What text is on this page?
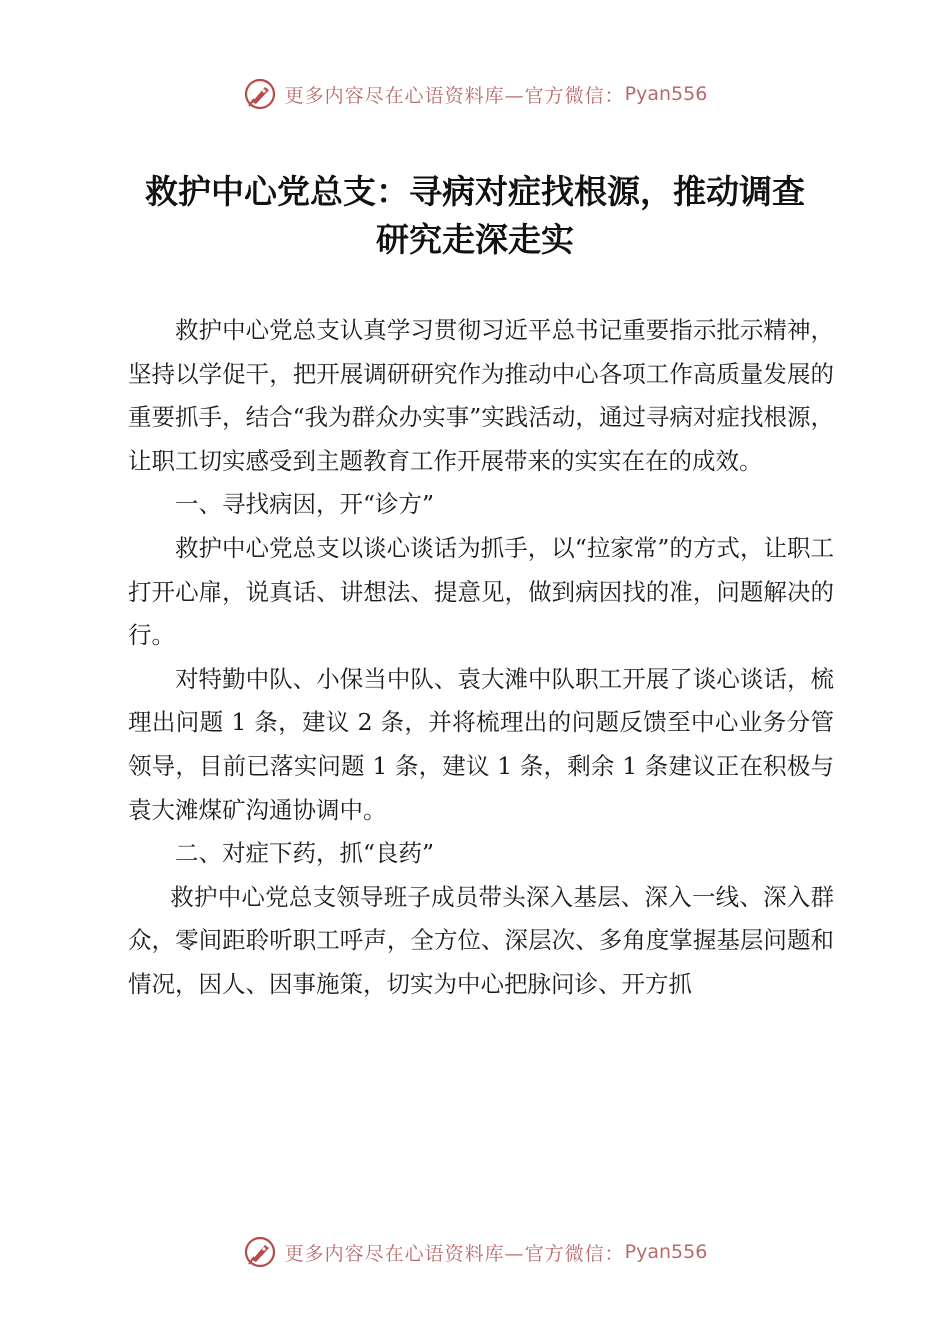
更多内容尽在心语资料库—官方微信： Pyan556
救护中心党总支：寻病对症找根源，推动调查
研究走深走实

救护中心党总支认真学习贯彻习近平总书记重要指示批示精神，坚持以学促干，把开展调研研究作为推动中心各项工作高质量发展的重要抓手，结合“我为群众办实事”实践活动，通过寻病对症找根源，让职工切实感受到主题教育工作开展带来的实实在在的成效。

一、寻找病因，开“诊方”

救护中心党总支以谈心谈话为抓手，以“拉家常”的方式，让职工打开心扉，说真话、讲想法、提意见，做到病因找的准，问题解决的行。

对特勤中队、小保当中队、袁大滩中队职工开展了谈心谈话，梳理出问题 1 条，建议 2 条，并将梳理出的问题反馈至中心业务分管领导，目前已落实问题 1 条，建议 1 条，剩余 1 条建议正在积极与袁大滩煤矿沟通协调中。

二、对症下药，抓“良药”

救护中心党总支领导班子成员带头深入基层、深入一线、深入群众，零间距聆听职工呼声，全方位、深层次、多角度掌握基层问题和情况，因人、因事施策，切实为中心把脉问诊、开方抓

更多内容尽在心语资料库—官方微信： Pyan556
